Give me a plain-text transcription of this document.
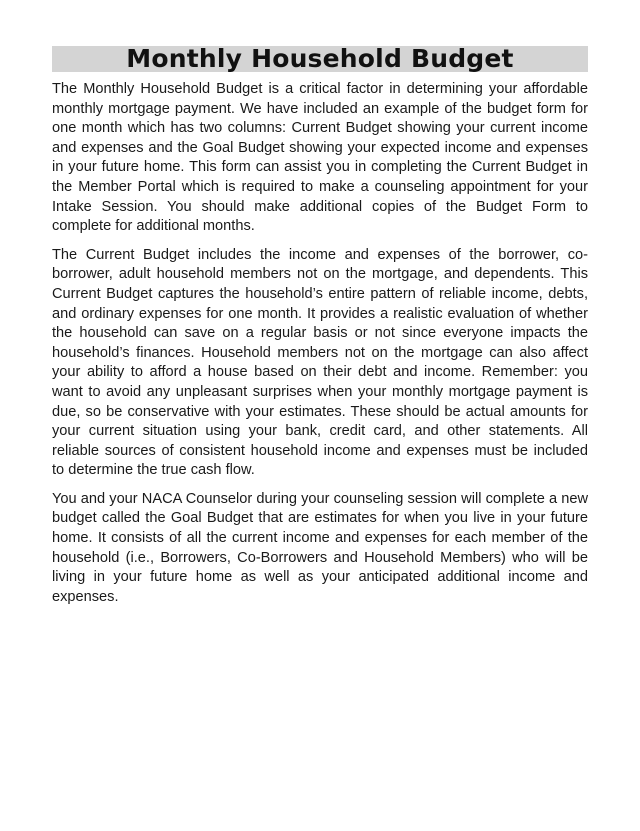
Monthly Household Budget

The Monthly Household Budget is a critical factor in determining your affordable monthly mortgage payment. We have included an example of the budget form for one month which has two columns: Current Budget showing your current income and expenses and the Goal Budget showing your expected income and expenses in your future home. This form can assist you in completing the Current Budget in the Member Portal which is required to make a counseling appointment for your Intake Session. You should make additional copies of the Budget Form to complete for additional months.

The Current Budget includes the income and expenses of the borrower, co-borrower, adult household members not on the mortgage, and dependents. This Current Budget captures the household’s entire pattern of reliable income, debts, and ordinary expenses for one month. It provides a realistic evaluation of whether the household can save on a regular basis or not since everyone impacts the household’s finances. Household members not on the mortgage can also affect your ability to afford a house based on their debt and income. Remember: you want to avoid any unpleasant surprises when your monthly mortgage payment is due, so be conservative with your estimates. These should be actual amounts for your current situation using your bank, credit card, and other statements. All reliable sources of consistent household income and expenses must be included to determine the true cash flow.

You and your NACA Counselor during your counseling session will complete a new budget called the Goal Budget that are estimates for when you live in your future home. It consists of all the current income and expenses for each member of the household (i.e., Borrowers, Co-Borrowers and Household Members) who will be living in your future home as well as your anticipated additional income and expenses.
